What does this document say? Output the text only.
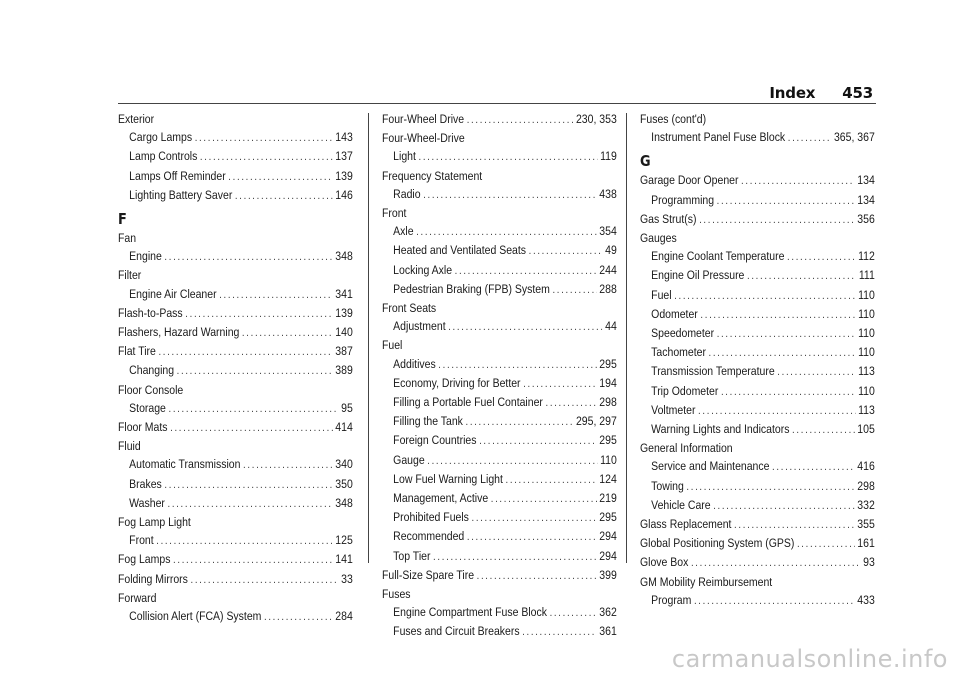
Index 453
Exterior
Cargo Lamps .....	143
Lamp Controls .....	137
Lamps Off Reminder .....	139
Lighting Battery Saver .....	146
F
Fan
Engine .....	348
Filter
Engine Air Cleaner .....	341
Flash-to-Pass .....	139
Flashers, Hazard Warning .....	140
Flat Tire .....	387
Changing .....	389
Floor Console
Storage .....	95
Floor Mats .....	414
Fluid
Automatic Transmission .....	340
Brakes .....	350
Washer .....	348
Fog Lamp Light
Front .....	125
Fog Lamps .....	141
Folding Mirrors .....	33
Forward
Collision Alert (FCA) System .....	284
Four-Wheel Drive .....	230, 353
Four-Wheel-Drive
Light .....	119
Frequency Statement
Radio .....	438
Front
Axle .....	354
Heated and Ventilated Seats .....	49
Locking Axle .....	244
Pedestrian Braking (FPB) System .....	288
Front Seats
Adjustment .....	44
Fuel
Additives .....	295
Economy, Driving for Better .....	194
Filling a Portable Fuel Container .....	298
Filling the Tank .....	295, 297
Foreign Countries .....	295
Gauge .....	110
Low Fuel Warning Light .....	124
Management, Active .....	219
Prohibited Fuels .....	295
Recommended .....	294
Top Tier .....	294
Full-Size Spare Tire .....	399
Fuses
Engine Compartment Fuse Block .....	362
Fuses and Circuit Breakers .....	361
Fuses (cont'd)
Instrument Panel Fuse Block .....	365, 367
G
Garage Door Opener .....	134
Programming .....	134
Gas Strut(s) .....	356
Gauges
Engine Coolant Temperature .....	112
Engine Oil Pressure .....	111
Fuel .....	110
Odometer .....	110
Speedometer .....	110
Tachometer .....	110
Transmission Temperature .....	113
Trip Odometer .....	110
Voltmeter .....	113
Warning Lights and Indicators .....	105
General Information
Service and Maintenance .....	416
Towing .....	298
Vehicle Care .....	332
Glass Replacement .....	355
Global Positioning System (GPS) .....	161
Glove Box .....	93
GM Mobility Reimbursement
Program .....	433
carmanualsonline.info
